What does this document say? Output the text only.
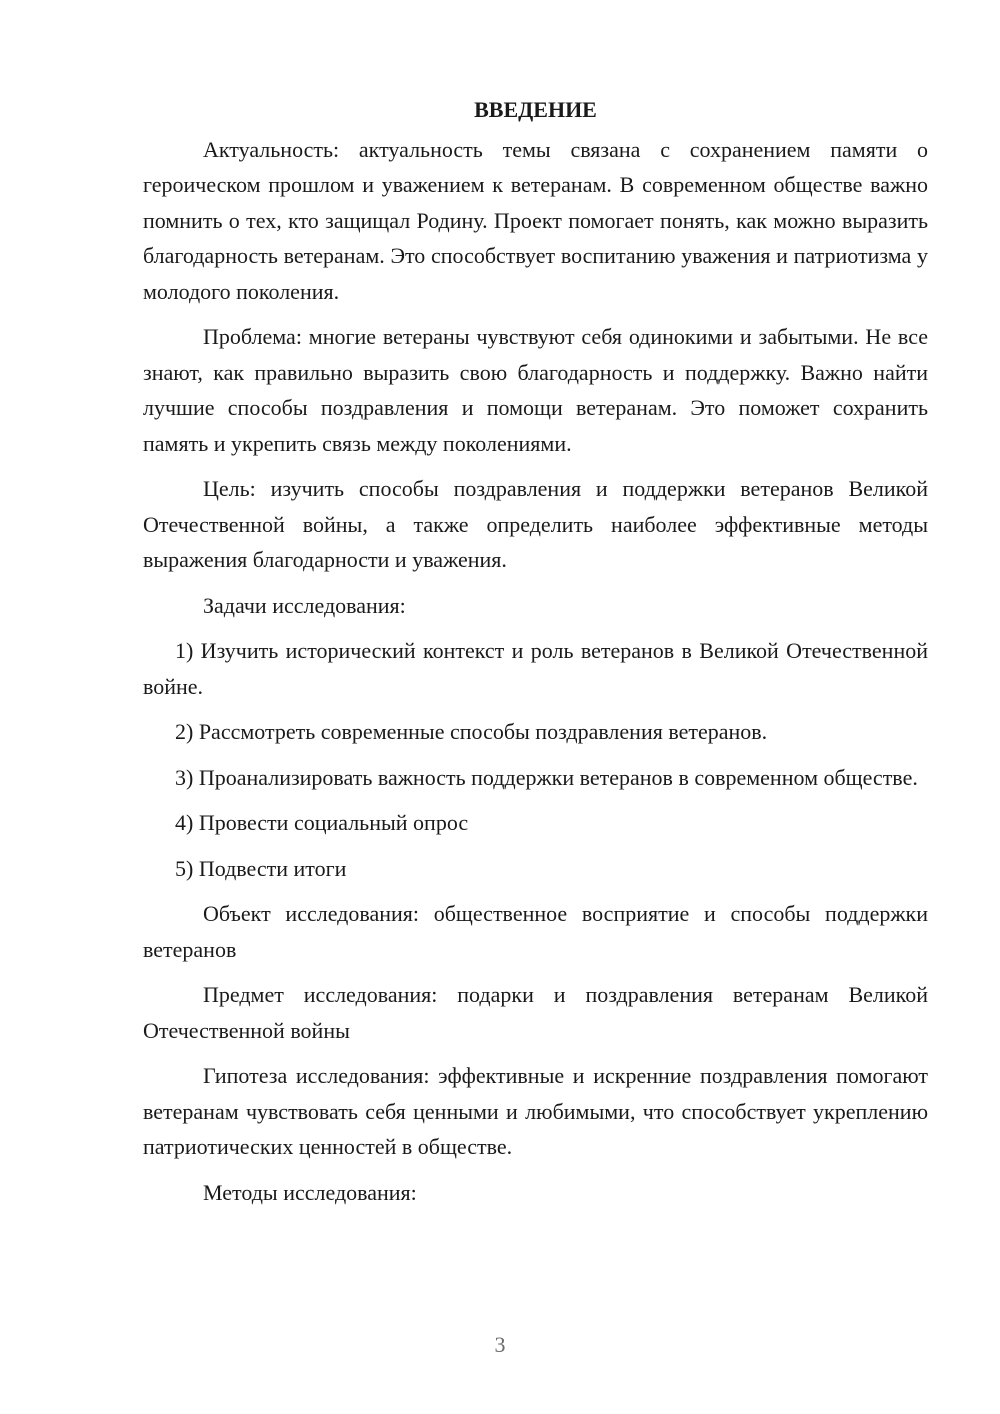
ВВЕДЕНИЕ

Актуальность: актуальность темы связана с сохранением памяти о героическом прошлом и уважением к ветеранам. В современном обществе важно помнить о тех, кто защищал Родину. Проект помогает понять, как можно выразить благодарность ветеранам. Это способствует воспитанию уважения и патриотизма у молодого поколения.

Проблема: многие ветераны чувствуют себя одинокими и забытыми. Не все знают, как правильно выразить свою благодарность и поддержку. Важно найти лучшие способы поздравления и помощи ветеранам. Это поможет сохранить память и укрепить связь между поколениями.

Цель: изучить способы поздравления и поддержки ветеранов Великой Отечественной войны, а также определить наиболее эффективные методы выражения благодарности и уважения.

Задачи исследования:

1) Изучить исторический контекст и роль ветеранов в Великой Отечественной войне.

2) Рассмотреть современные способы поздравления ветеранов.

3) Проанализировать важность поддержки ветеранов в современном обществе.

4) Провести социальный опрос

5) Подвести итоги

Объект исследования: общественное восприятие и способы поддержки ветеранов

Предмет исследования: подарки и поздравления ветеранам Великой Отечественной войны

Гипотеза исследования: эффективные и искренние поздравления помогают ветеранам чувствовать себя ценными и любимыми, что способствует укреплению патриотических ценностей в обществе.

Методы исследования:

3
